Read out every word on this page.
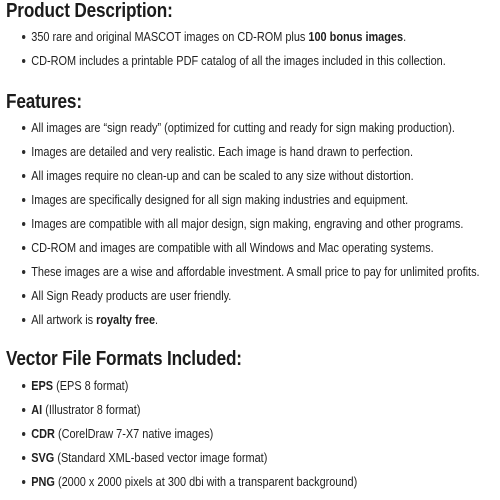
Product Description:
350 rare and original MASCOT images on CD-ROM plus 100 bonus images.
CD-ROM includes a printable PDF catalog of all the images included in this collection.
Features:
All images are “sign ready” (optimized for cutting and ready for sign making production).
Images are detailed and very realistic. Each image is hand drawn to perfection.
All images require no clean-up and can be scaled to any size without distortion.
Images are specifically designed for all sign making industries and equipment.
Images are compatible with all major design, sign making, engraving and other programs.
CD-ROM and images are compatible with all Windows and Mac operating systems.
These images are a wise and affordable investment. A small price to pay for unlimited profits.
All Sign Ready products are user friendly.
All artwork is royalty free.
Vector File Formats Included:
EPS (EPS 8 format)
AI (Illustrator 8 format)
CDR (CorelDraw 7-X7 native images)
SVG (Standard XML-based vector image format)
PNG (2000 x 2000 pixels at 300 dbi with a transparent background)
